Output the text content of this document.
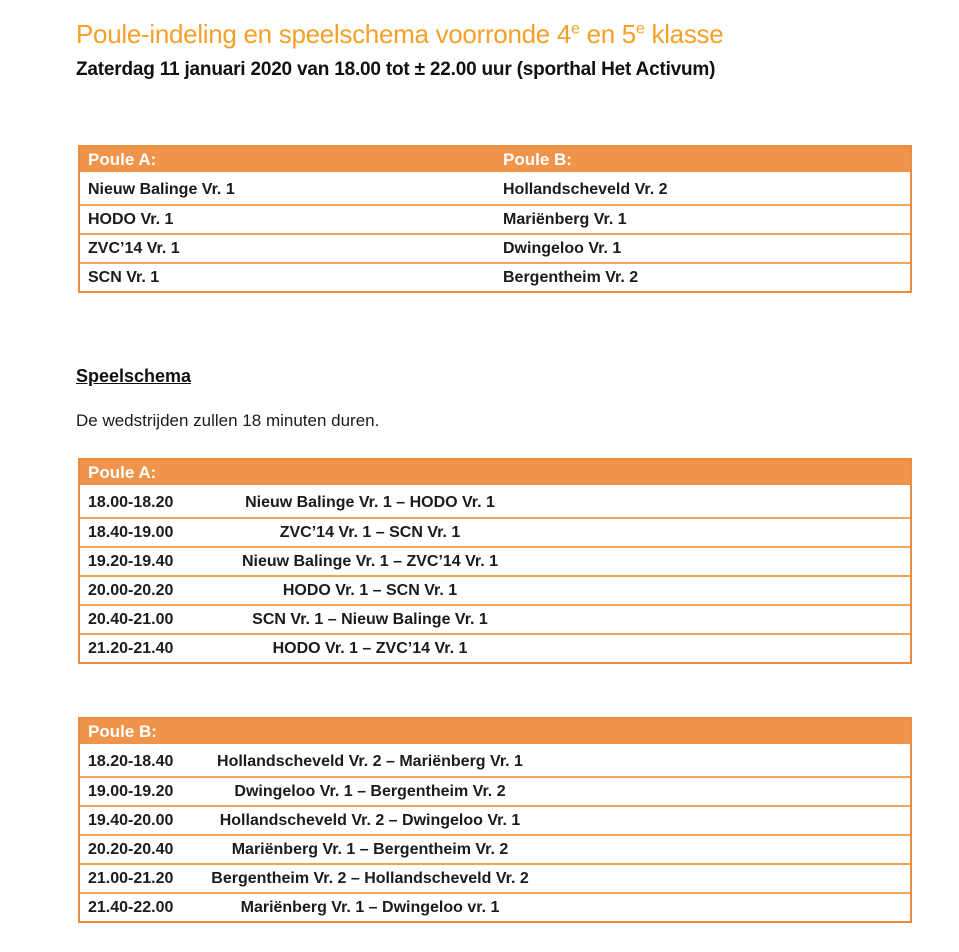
Poule-indeling en speelschema voorronde 4e en 5e klasse
Zaterdag 11 januari 2020 van 18.00 tot ± 22.00 uur (sporthal Het Activum)
Poule A:	Poule B:
Nieuw Balinge Vr. 1	Hollandscheveld Vr. 2
HODO Vr. 1	Mariënberg Vr. 1
ZVC’14 Vr. 1	Dwingeloo Vr. 1
SCN Vr. 1	Bergentheim Vr. 2
Speelschema
De wedstrijden zullen 18 minuten duren.
Poule A:
18.00-18.20	Nieuw Balinge Vr. 1 – HODO Vr. 1
18.40-19.00	ZVC’14 Vr. 1 – SCN Vr. 1
19.20-19.40	Nieuw Balinge Vr. 1 – ZVC’14 Vr. 1
20.00-20.20	HODO Vr. 1 – SCN Vr. 1
20.40-21.00	SCN Vr. 1 – Nieuw Balinge Vr. 1
21.20-21.40	HODO Vr. 1 – ZVC’14 Vr. 1
Poule B:
18.20-18.40	Hollandscheveld Vr. 2 – Mariënberg Vr. 1
19.00-19.20	Dwingeloo Vr. 1 – Bergentheim Vr. 2
19.40-20.00	Hollandscheveld Vr. 2 – Dwingeloo Vr. 1
20.20-20.40	Mariënberg Vr. 1 – Bergentheim Vr. 2
21.00-21.20	Bergentheim Vr. 2 – Hollandscheveld Vr. 2
21.40-22.00	Mariënberg Vr. 1 – Dwingeloo vr. 1
